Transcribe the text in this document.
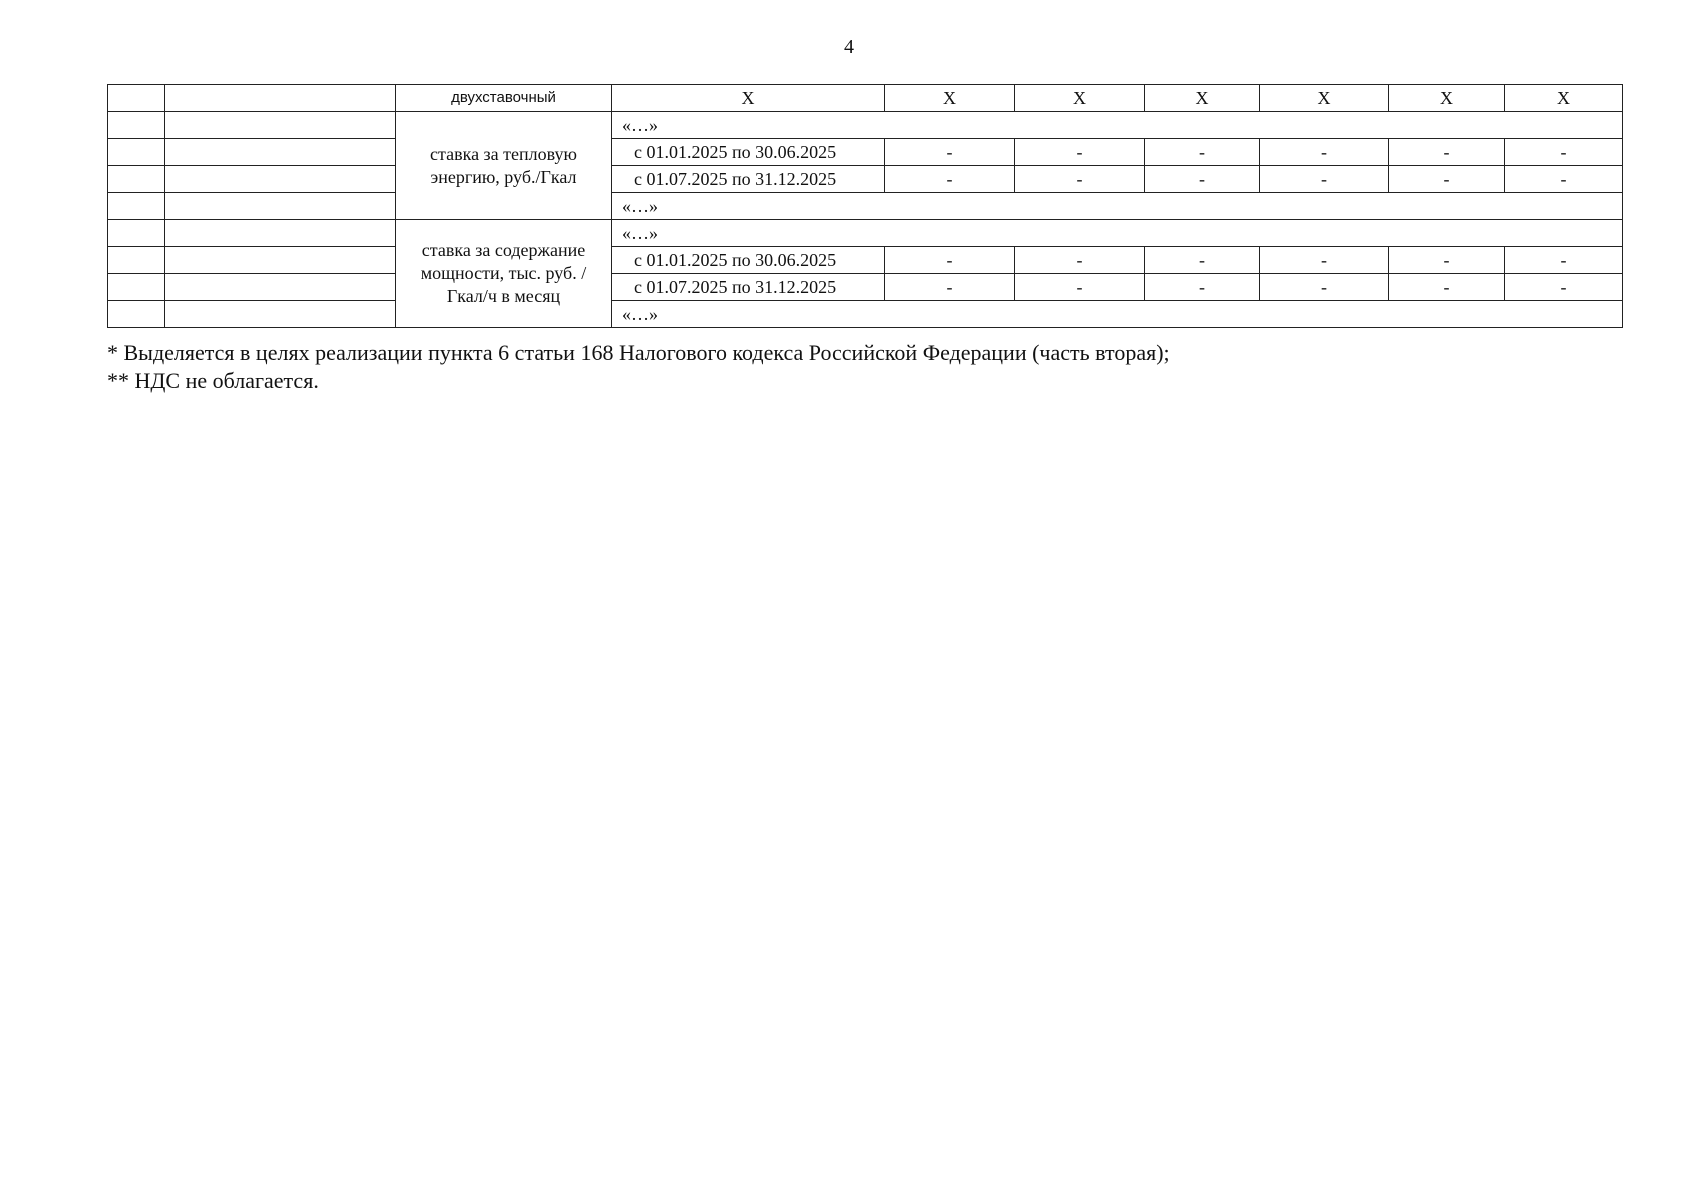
4
		двухставочный	Х	Х	Х	Х	Х	Х	Х
		ставка за тепловую энергию, руб./Гкал	«…»						
			с 01.01.2025 по 30.06.2025	-	-	-	-	-	-
			с 01.07.2025 по 31.12.2025	-	-	-	-	-	-
			«…»						
		ставка за содержание мощности, тыс. руб. /Гкал/ч в месяц	«…»						
			с 01.01.2025 по 30.06.2025	-	-	-	-	-	-
			с 01.07.2025 по 31.12.2025	-	-	-	-	-	-
			«…»						
* Выделяется в целях реализации пункта 6 статьи 168 Налогового кодекса Российской Федерации (часть вторая);
** НДС не облагается.
